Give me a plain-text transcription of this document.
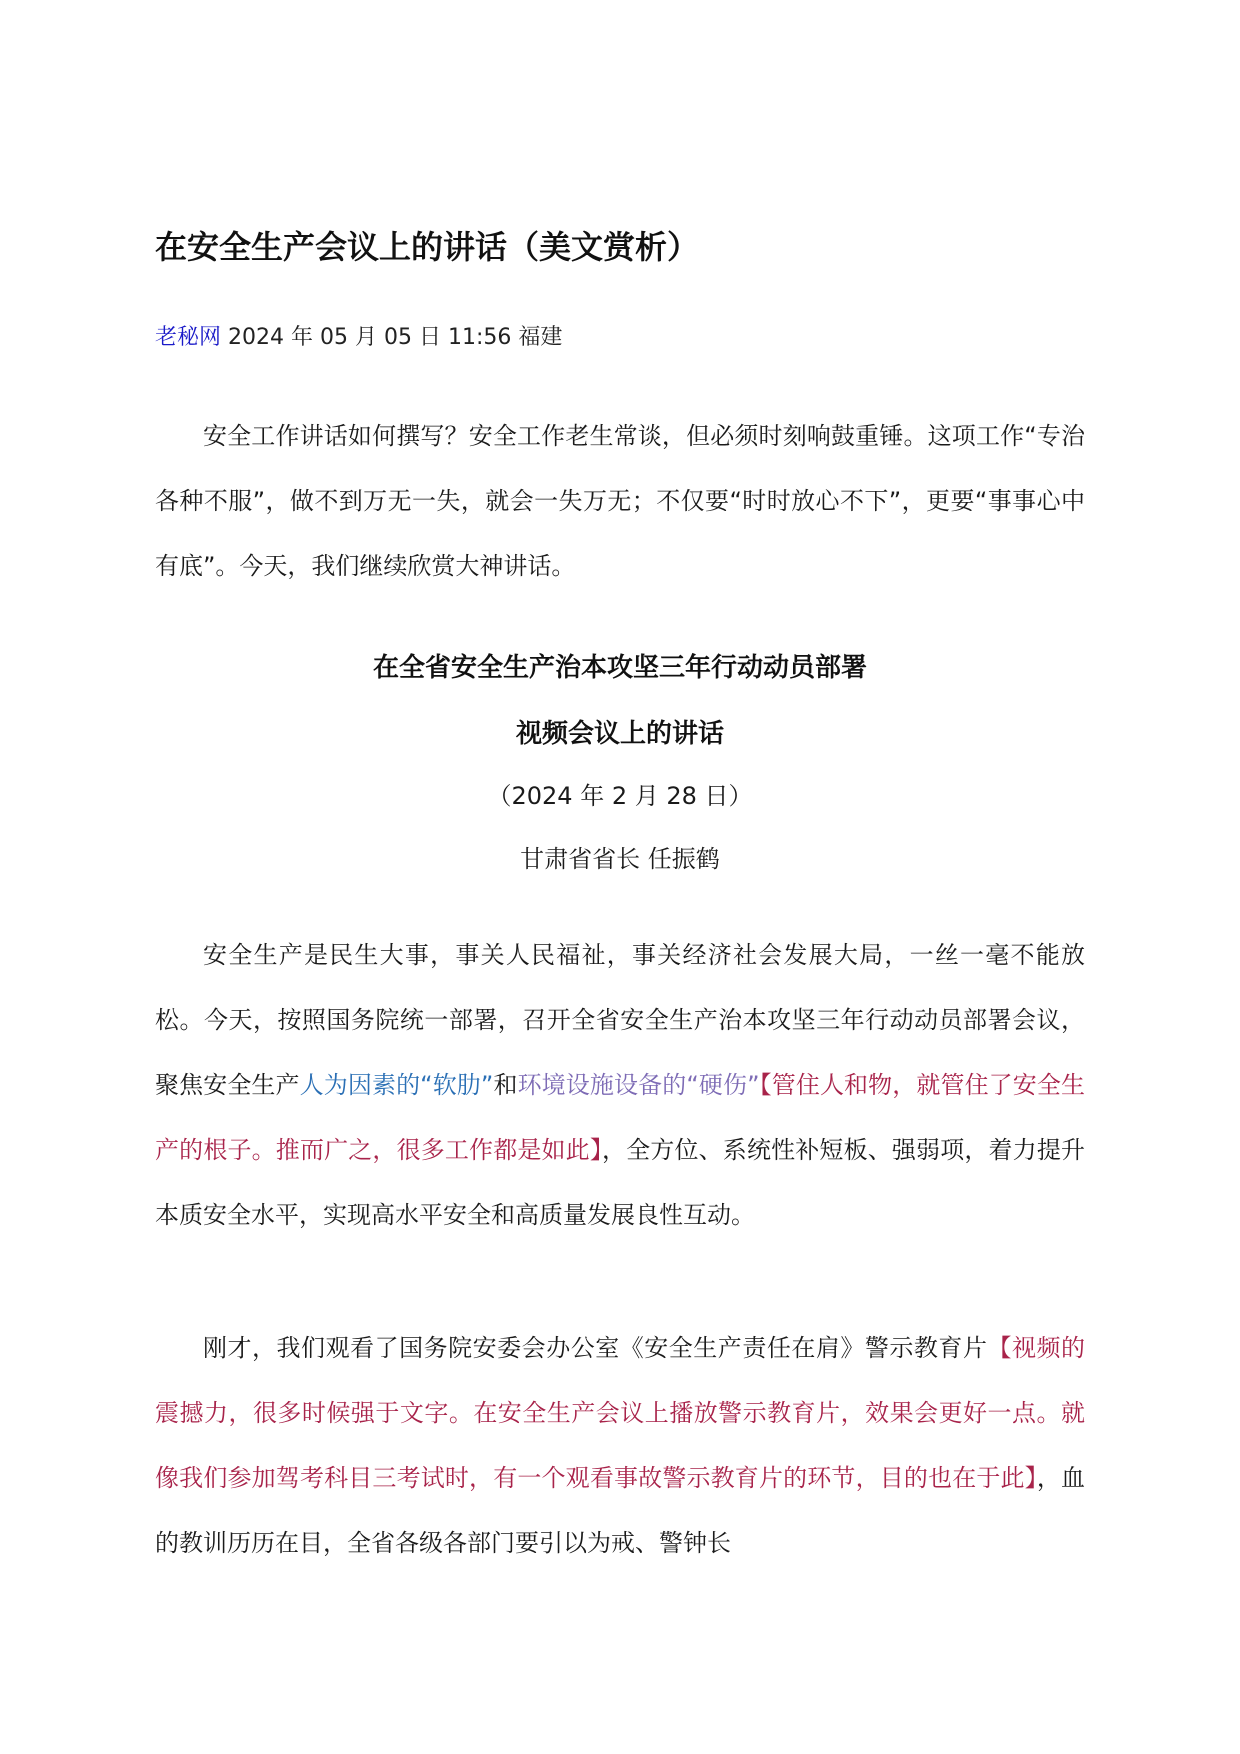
在安全生产会议上的讲话（美文赏析）
老秘网 2024 年 05 月 05 日 11:56 福建

安全工作讲话如何撰写？安全工作老生常谈，但必须时刻响鼓重锤。这项工作“专治各种不服”，做不到万无一失，就会一失万无；不仅要“时时放心不下”，更要“事事心中有底”。今天，我们继续欣赏大神讲话。

在全省安全生产治本攻坚三年行动动员部署
视频会议上的讲话
（2024 年 2 月 28 日）
甘肃省省长 任振鹤

安全生产是民生大事，事关人民福祉，事关经济社会发展大局，一丝一毫不能放松。今天，按照国务院统一部署，召开全省安全生产治本攻坚三年行动动员部署会议，聚焦安全生产人为因素的“软肋”和环境设施设备的“硬伤”【管住人和物，就管住了安全生产的根子。推而广之，很多工作都是如此】，全方位、系统性补短板、强弱项，着力提升本质安全水平，实现高水平安全和高质量发展良性互动。

刚才，我们观看了国务院安委会办公室《安全生产责任在肩》警示教育片【视频的震撼力，很多时候强于文字。在安全生产会议上播放警示教育片，效果会更好一点。就像我们参加驾考科目三考试时，有一个观看事故警示教育片的环节，目的也在于此】，血的教训历历在目，全省各级各部门要引以为戒、警钟长
